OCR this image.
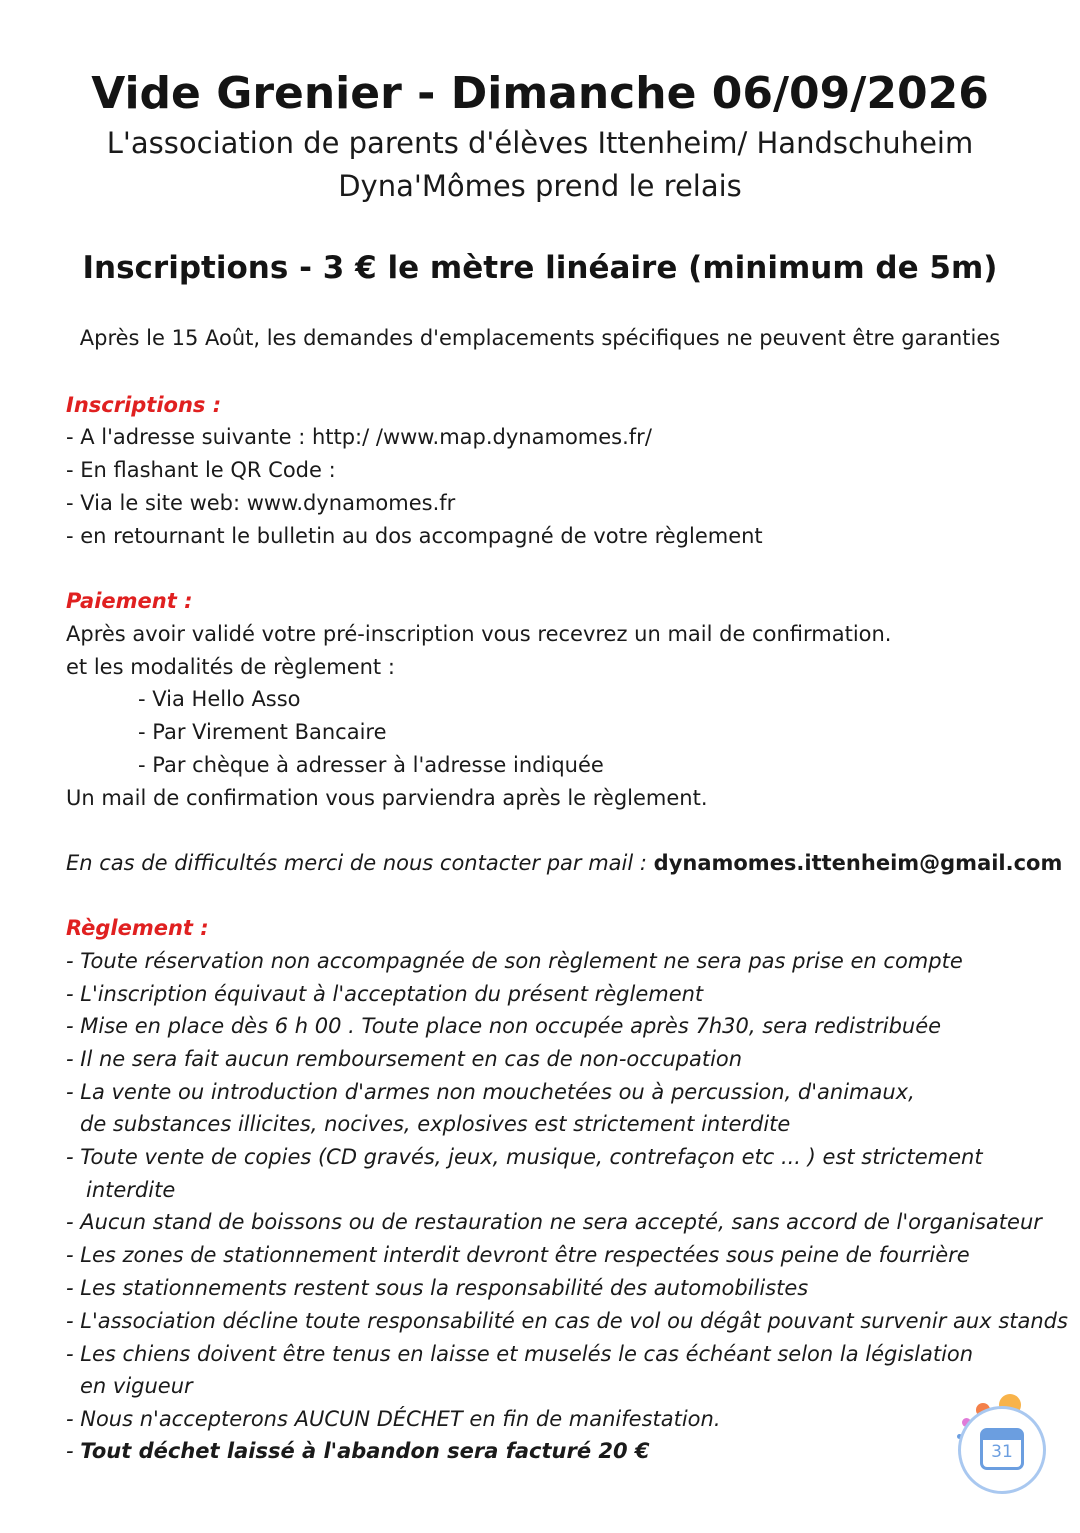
Vide Grenier - Dimanche 06/09/2026
L'association de parents d'élèves Ittenheim/ Handschuheim
Dyna'Mômes prend le relais
Inscriptions - 3 € le mètre linéaire (minimum de 5m)
Après le 15 Août, les demandes d'emplacements spécifiques ne peuvent être garanties
Inscriptions :
- A l'adresse suivante : http:/ /www.map.dynamomes.fr/
- En flashant le QR Code :
- Via le site web: www.dynamomes.fr
- en retournant le bulletin au dos accompagné de votre règlement
Paiement :
Après avoir validé votre pré-inscription vous recevrez un mail de confirmation.
et les modalités de règlement :
- Via Hello Asso
- Par Virement Bancaire
- Par chèque à adresser à l'adresse indiquée
Un mail de confirmation vous parviendra après le règlement.
En cas de difficultés merci de nous contacter par mail : dynamomes.ittenheim@gmail.com
Règlement :
- Toute réservation non accompagnée de son règlement ne sera pas prise en compte
- L'inscription équivaut à l'acceptation du présent règlement
- Mise en place dès 6 h 00 . Toute place non occupée après 7h30, sera redistribuée
- Il ne sera fait aucun remboursement en cas de non-occupation
- La vente ou introduction d'armes non mouchetées ou à percussion, d'animaux,
de substances illicites, nocives, explosives est strictement interdite
- Toute vente de copies (CD gravés, jeux, musique, contrefaçon etc ... ) est strictement
interdite
- Aucun stand de boissons ou de restauration ne sera accepté, sans accord de l'organisateur
- Les zones de stationnement interdit devront être respectées sous peine de fourrière
- Les stationnements restent sous la responsabilité des automobilistes
- L'association décline toute responsabilité en cas de vol ou dégât pouvant survenir aux stands
- Les chiens doivent être tenus en laisse et muselés le cas échéant selon la législation
en vigueur
- Nous n'accepterons AUCUN DÉCHET en fin de manifestation.
- Tout déchet laissé à l'abandon sera facturé 20 €	31
